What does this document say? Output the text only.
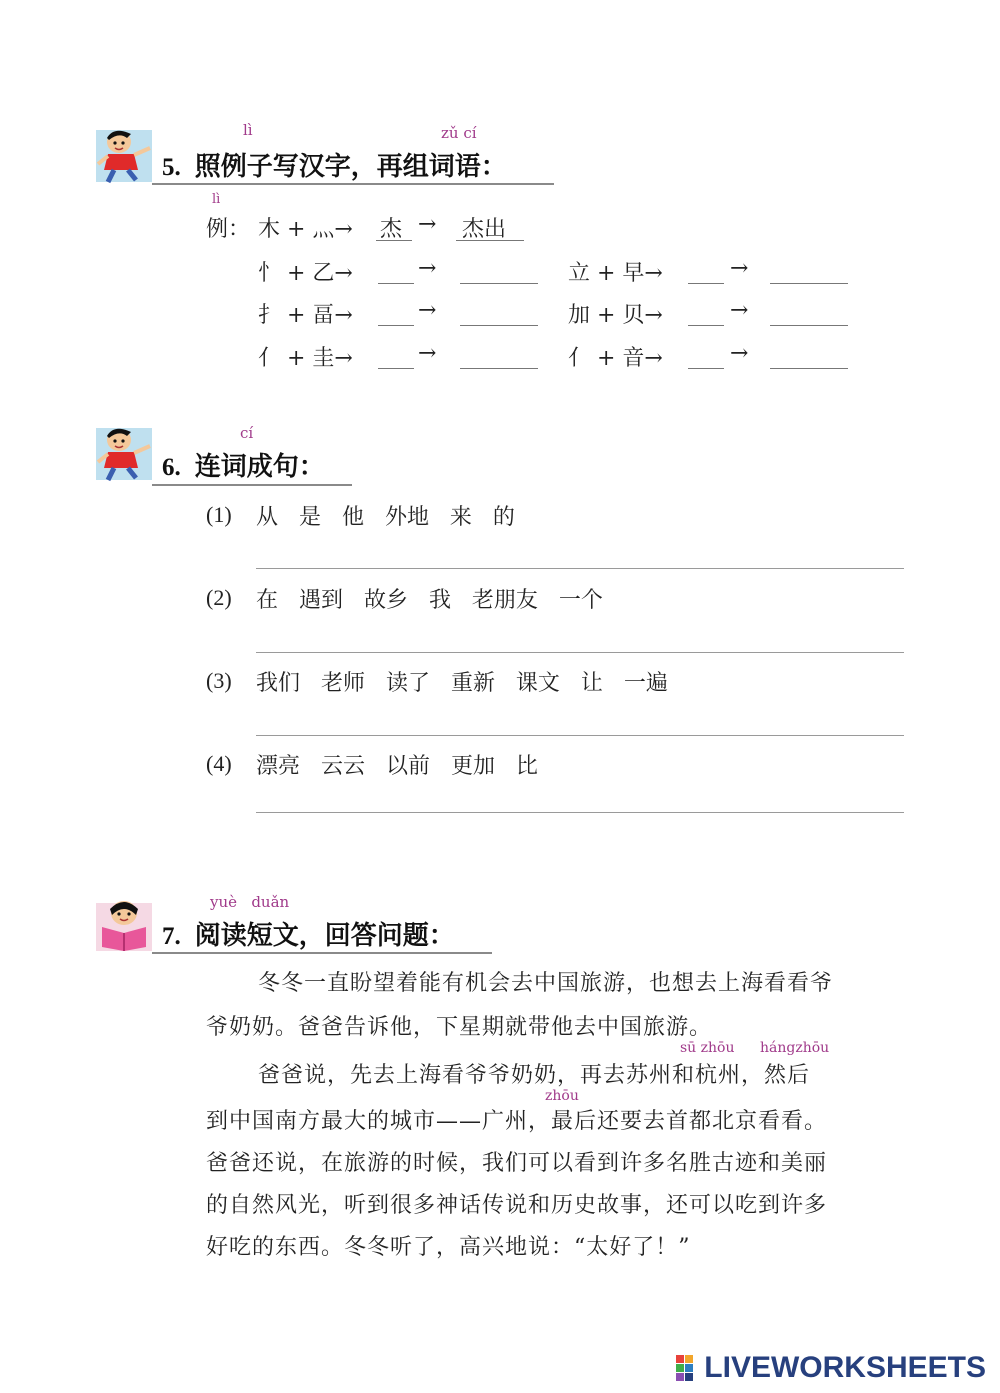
lì	zǔ cí
5. 照例子写汉字，再组词语：
lì
例： 木 + 灬→ 杰 → 杰出
忄 + 乙→	→	立 + 早→	→
扌 + 畐→	→	加 + 贝→	→
亻 + 圭→	→	亻 + 音→	→
cí
6. 连词成句：
(1) 从   是   他   外地   来   的
(2) 在   遇到   故乡   我   老朋友   一个
(3) 我们   老师   读了   重新   课文   让   一遍
(4) 漂亮   云云   以前   更加   比
yuè   duǎn
7. 阅读短文，回答问题：
sū zhōu hángzhōu
zhōu
冬冬一直盼望着能有机会去中国旅游，也想去上海看看爷
爷奶奶。爸爸告诉他，下星期就带他去中国旅游。
爸爸说，先去上海看爷爷奶奶，再去苏州和杭州，然后
到中国南方最大的城市——广州，最后还要去首都北京看看。
爸爸还说，在旅游的时候，我们可以看到许多名胜古迹和美丽
的自然风光，听到很多神话传说和历史故事，还可以吃到许多
好吃的东西。冬冬听了，高兴地说：“太好了！”
LIVEWORKSHEETS
